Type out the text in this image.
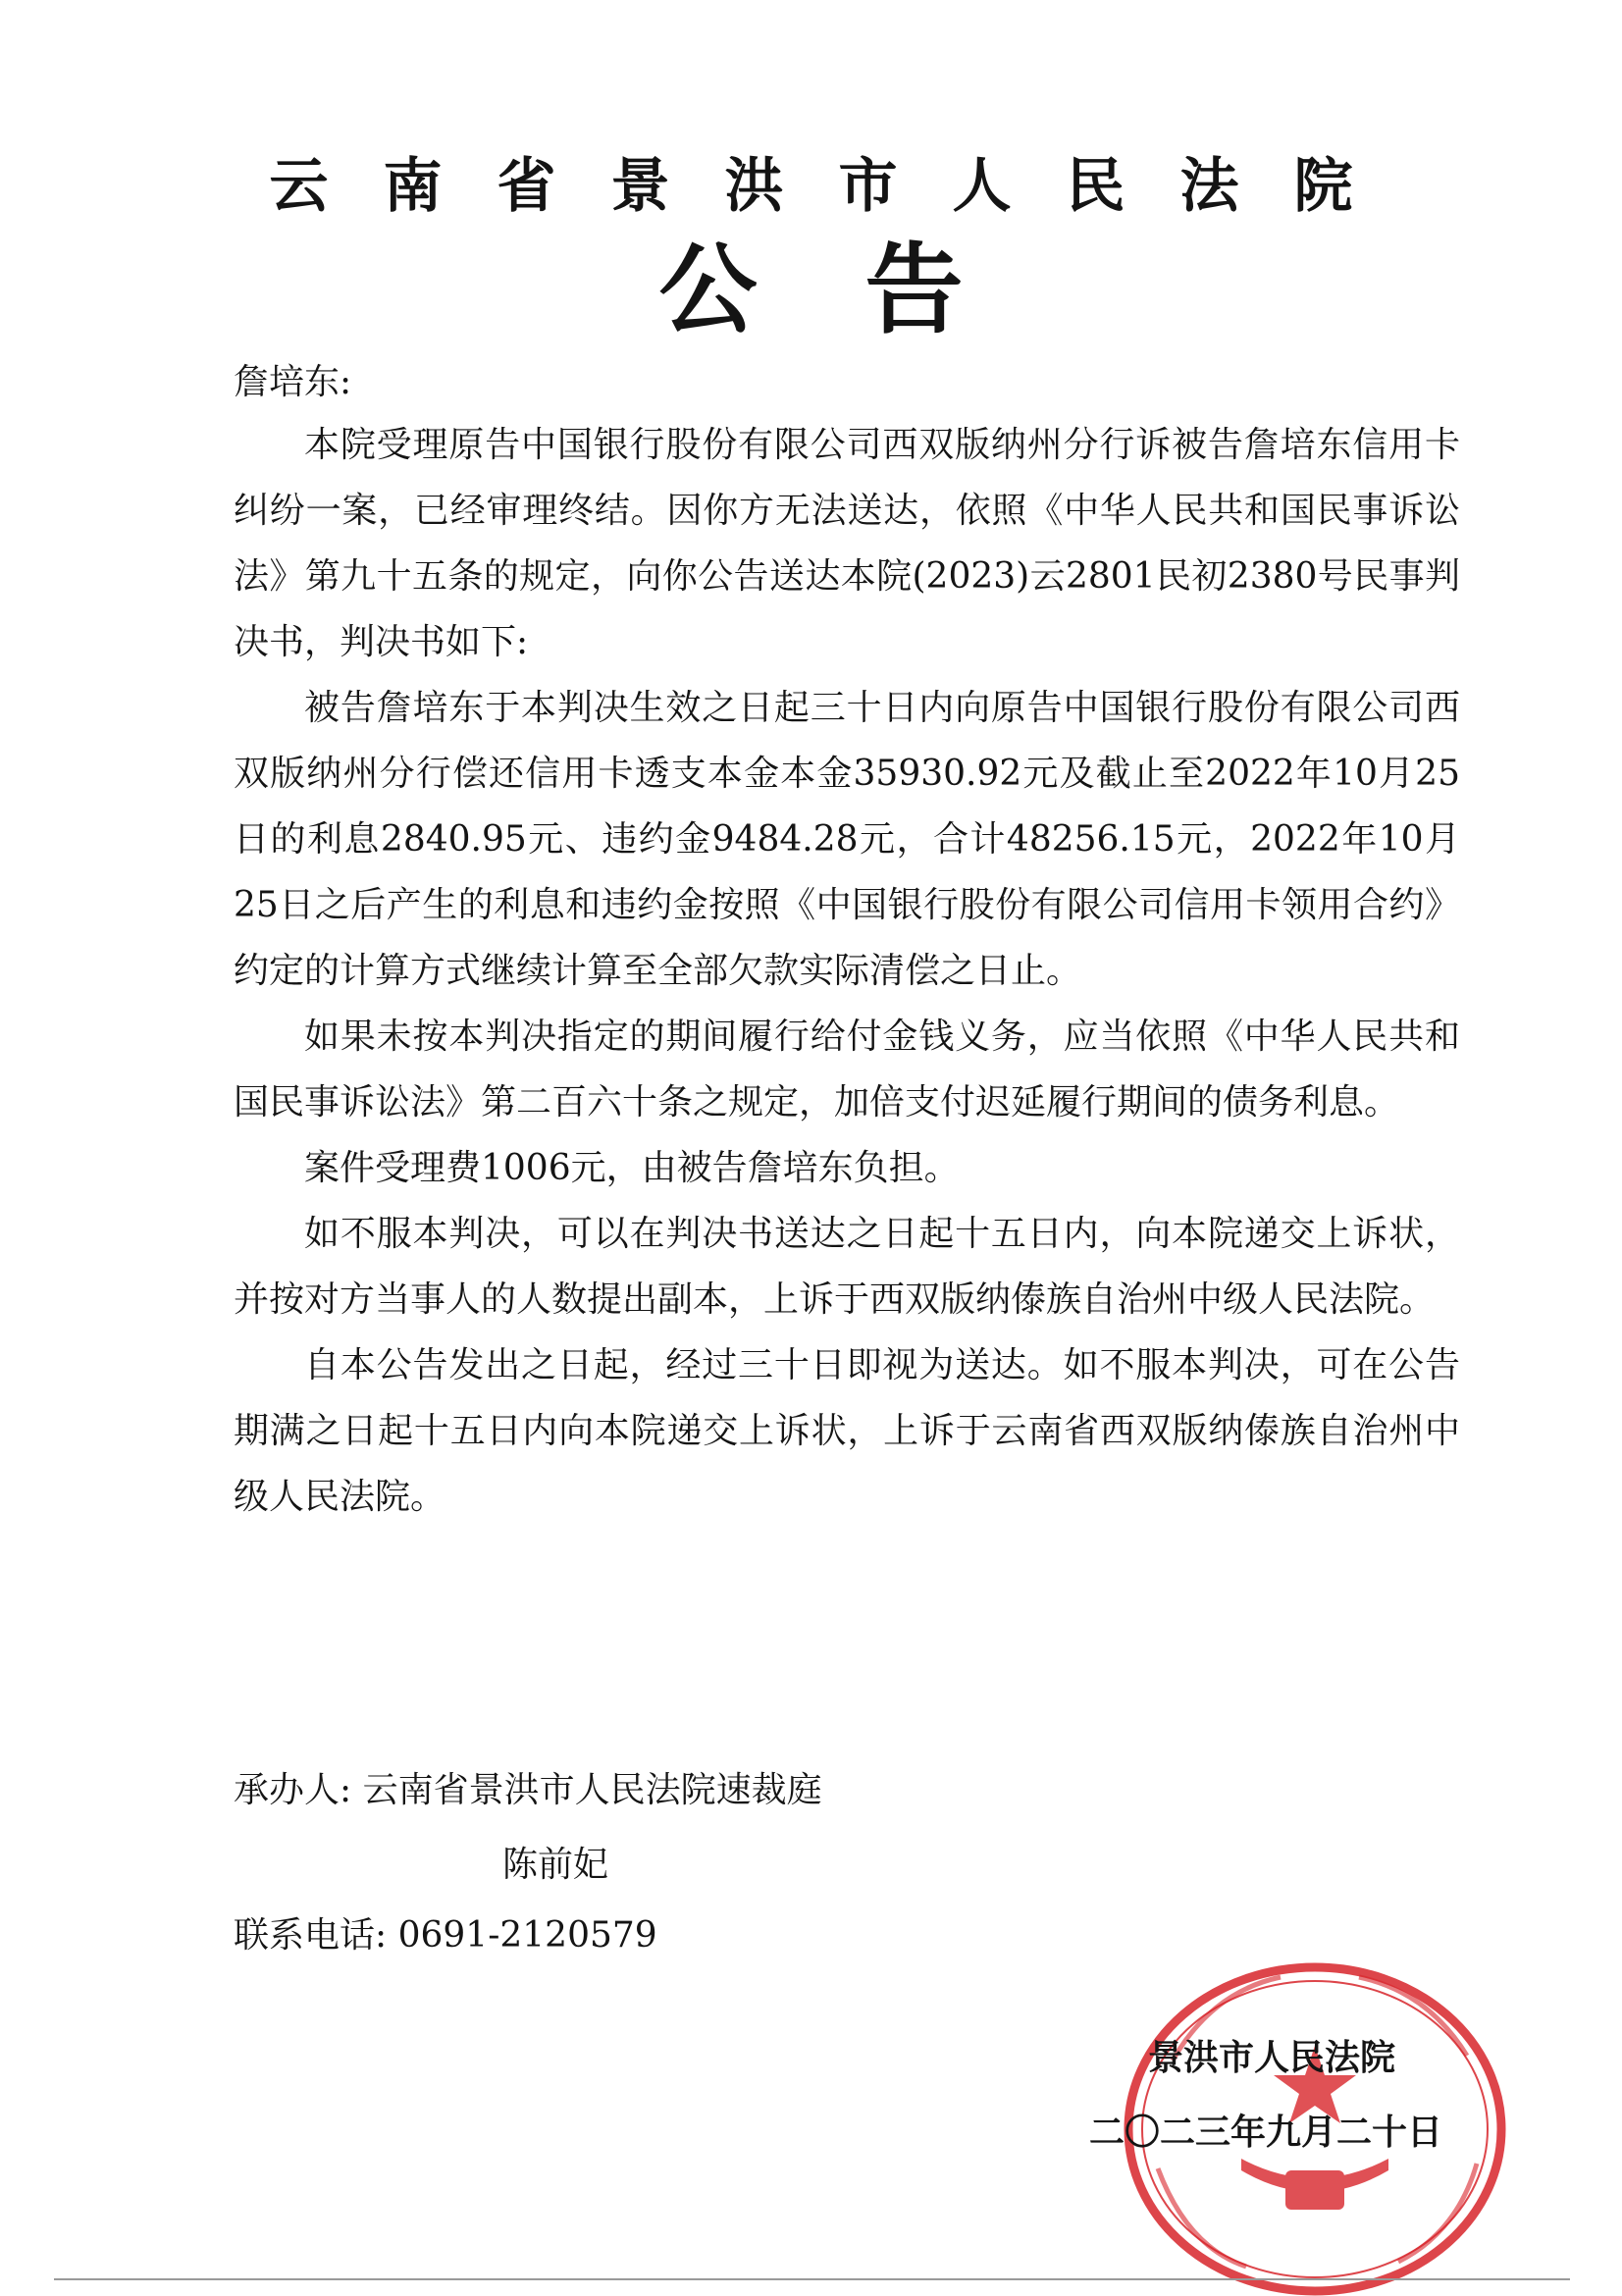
云南省景洪市人民法院
公告
詹培东:

本院受理原告中国银行股份有限公司西双版纳州分行诉被告詹培东信用卡纠纷一案，已经审理终结。因你方无法送达，依照《中华人民共和国民事诉讼法》第九十五条的规定，向你公告送达本院(2023)云2801民初2380号民事判决书，判决书如下:

被告詹培东于本判决生效之日起三十日内向原告中国银行股份有限公司西双版纳州分行偿还信用卡透支本金本金35930.92元及截止至2022年10月25日的利息2840.95元、违约金9484.28元，合计48256.15元，2022年10月25日之后产生的利息和违约金按照《中国银行股份有限公司信用卡领用合约》约定的计算方式继续计算至全部欠款实际清偿之日止。

如果未按本判决指定的期间履行给付金钱义务，应当依照《中华人民共和国民事诉讼法》第二百六十条之规定，加倍支付迟延履行期间的债务利息。

案件受理费1006元，由被告詹培东负担。

如不服本判决，可以在判决书送达之日起十五日内，向本院递交上诉状，并按对方当事人的人数提出副本，上诉于西双版纳傣族自治州中级人民法院。

自本公告发出之日起，经过三十日即视为送达。如不服本判决，可在公告期满之日起十五日内向本院递交上诉状，上诉于云南省西双版纳傣族自治州中级人民法院。

承办人: 云南省景洪市人民法院速裁庭
陈前妃
联系电话: 0691-2120579
景洪市人民法院
二〇二三年九月二十日
